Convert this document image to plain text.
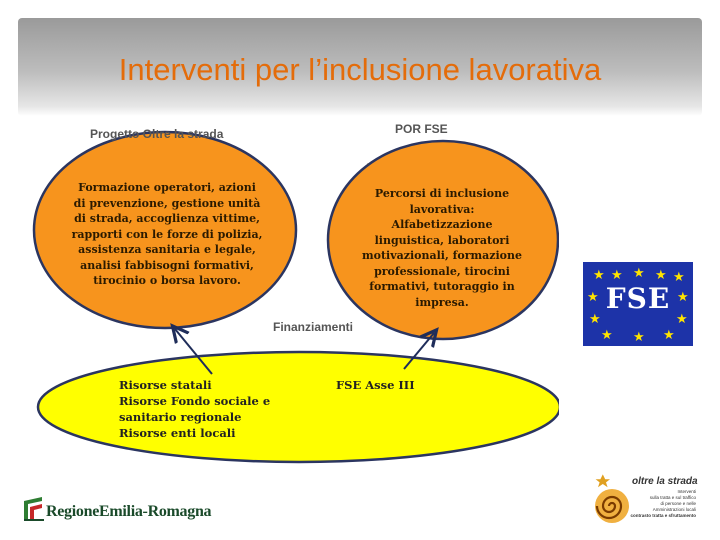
Interventi per l’inclusione lavorativa
Progetto Oltre la strada	POR FSE
Finanziamenti
Formazione operatori, azioni
di prevenzione, gestione unità
di strada, accoglienza vittime,
rapporti con le forze di polizia,
assistenza sanitaria e legale,
analisi fabbisogni formativi,
tirocinio o borsa lavoro.
Percorsi di inclusione
lavorativa:
Alfabetizzazione
linguistica, laboratori
motivazionali, formazione
professionale, tirocini
formativi, tutoraggio in
impresa.
Risorse statali
Risorse Fondo sociale e
sanitario regionale
Risorse enti locali
FSE Asse III
★ ★ ★ ★ ★
★	★
★	★
★ ★ ★
FSE
RegioneEmilia-Romagna
oltre la strada
Interventi
sulla tratta e sul traffico
di persone e nelle
Amministrazioni locali
contrasto tratta e sfruttamento
